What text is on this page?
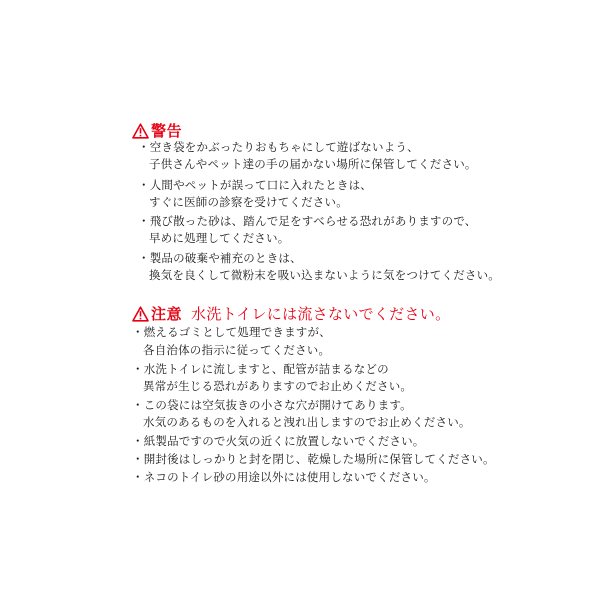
警告
・空き袋をかぶったりおもちゃにして遊ばないよう、
子供さんやペット達の手の届かない場所に保管してください。
・人間やペットが誤って口に入れたときは、
すぐに医師の診察を受けてください。
・飛び散った砂は、踏んで足をすべらせる恐れがありますので、
早めに処理してください。
・製品の破棄や補充のときは、
換気を良くして微粉末を吸い込まないように気をつけてください。
注意 水洗トイレには流さないでください。
・燃えるゴミとして処理できますが、
各自治体の指示に従ってください。
・水洗トイレに流しますと、配管が詰まるなどの
異常が生じる恐れがありますのでお止めください。
・この袋には空気抜きの小さな穴が開けてあります。
水気のあるものを入れると洩れ出しますのでお止めください。
・紙製品ですので火気の近くに放置しないでください。
・開封後はしっかりと封を閉じ、乾燥した場所に保管してください。
・ネコのトイレ砂の用途以外には使用しないでください。
